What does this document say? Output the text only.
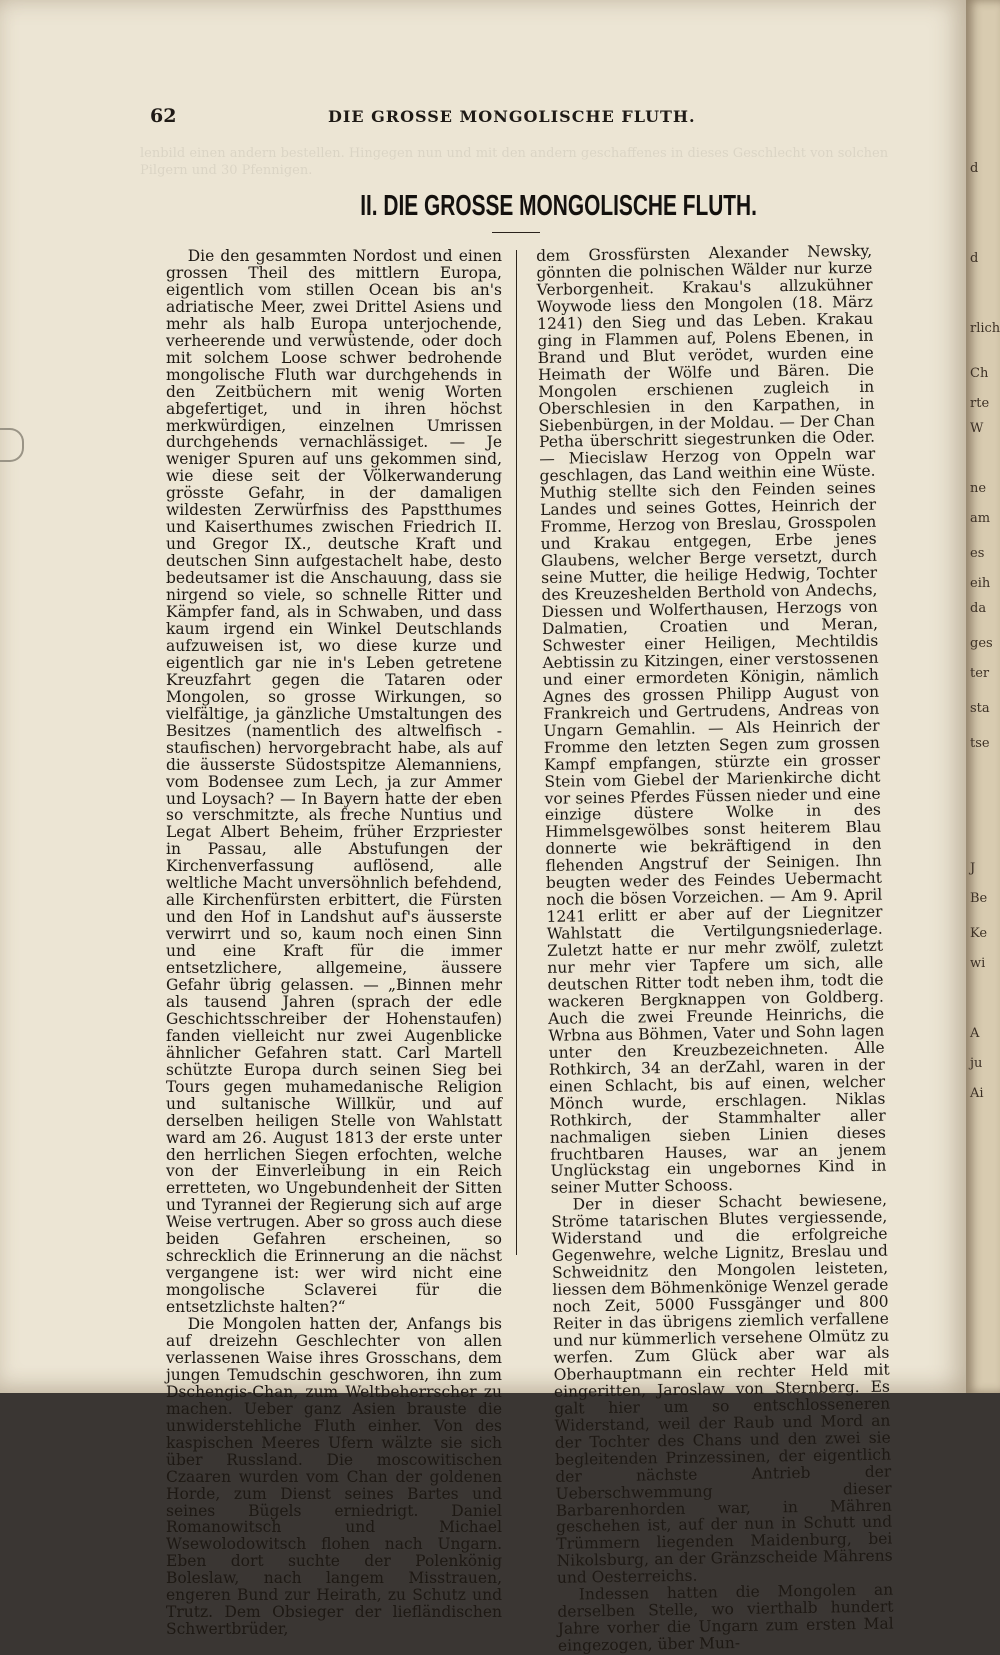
lenbild einen andern bestellen. Hingegen nun und mit den andern geschaffenes in dieses Geschlecht von solchen Pilgern und 30 Pfennigen.
62	DIE GROSSE MONGOLISCHE FLUTH.
II. DIE GROSSE MONGOLISCHE FLUTH.

Die den gesammten Nordost und einen grossen Theil des mittlern Europa, eigentlich vom stillen Ocean bis an's adriatische Meer, zwei Drittel Asiens und mehr als halb Europa unterjochende, verheerende und verwüstende, oder doch mit solchem Loose schwer bedrohende mongolische Fluth war durchgehends in den Zeitbüchern mit wenig Worten abgefertiget, und in ihren höchst merkwürdigen, einzelnen Umrissen durchgehends vernachlässiget. — Je weniger Spuren auf uns gekommen sind, wie diese seit der Völkerwanderung grösste Gefahr, in der damaligen wildesten Zerwürfniss des Papstthumes und Kaiserthumes zwischen Friedrich II. und Gregor IX., deutsche Kraft und deutschen Sinn aufgestachelt habe, desto bedeutsamer ist die Anschauung, dass sie nirgend so viele, so schnelle Ritter und Kämpfer fand, als in Schwaben, und dass kaum irgend ein Winkel Deutschlands aufzuweisen ist, wo diese kurze und eigentlich gar nie in's Leben getretene Kreuzfahrt gegen die Tataren oder Mongolen, so grosse Wirkungen, so vielfältige, ja gänzliche Umstaltungen des Besitzes (namentlich des altwelfisch - staufischen) hervorgebracht habe, als auf die äusserste Südostspitze Alemanniens, vom Bodensee zum Lech, ja zur Ammer und Loysach? — In Bayern hatte der eben so verschmitzte, als freche Nuntius und Legat Albert Beheim, früher Erzpriester in Passau, alle Abstufungen der Kirchenverfassung auflösend, alle weltliche Macht unversöhnlich befehdend, alle Kirchenfürsten erbittert, die Fürsten und den Hof in Landshut auf's äusserste verwirrt und so, kaum noch einen Sinn und eine Kraft für die immer entsetzlichere, allgemeine, äussere Gefahr übrig gelassen. — „Binnen mehr als tausend Jahren (sprach der edle Geschichtsschreiber der Hohenstaufen) fanden vielleicht nur zwei Augenblicke ähnlicher Gefahren statt. Carl Martell schützte Europa durch seinen Sieg bei Tours gegen muhamedanische Religion und sultanische Willkür, und auf derselben heiligen Stelle von Wahlstatt ward am 26. August 1813 der erste unter den herrlichen Siegen erfochten, welche von der Einverleibung in ein Reich erretteten, wo Ungebundenheit der Sitten und Tyrannei der Regierung sich auf arge Weise vertrugen. Aber so gross auch diese beiden Gefahren erscheinen, so schrecklich die Erinnerung an die nächst vergangene ist: wer wird nicht eine mongolische Sclaverei für die entsetzlichste halten?“

Die Mongolen hatten der, Anfangs bis auf dreizehn Geschlechter von allen verlassenen Waise ihres Grosschans, dem jungen Temudschin geschworen, ihn zum Dschengis-Chan, zum Weltbeherrscher zu machen. Ueber ganz Asien brauste die unwiderstehliche Fluth einher. Von des kaspischen Meeres Ufern wälzte sie sich über Russland. Die moscowitischen Czaaren wurden vom Chan der goldenen Horde, zum Dienst seines Bartes und seines Bügels erniedrigt. Daniel Romanowitsch und Michael Wsewolodowitsch flohen nach Ungarn. Eben dort suchte der Polenkönig Boleslaw, nach langem Misstrauen, engeren Bund zur Heirath, zu Schutz und Trutz. Dem Obsieger der liefländischen Schwertbrüder,

dem Grossfürsten Alexander Newsky, gönnten die polnischen Wälder nur kurze Verborgenheit. Krakau's allzukühner Woywode liess den Mongolen (18. März 1241) den Sieg und das Leben. Krakau ging in Flammen auf, Polens Ebenen, in Brand und Blut verödet, wurden eine Heimath der Wölfe und Bären. Die Mongolen erschienen zugleich in Oberschlesien in den Karpathen, in Siebenbürgen, in der Moldau. — Der Chan Petha überschritt siegestrunken die Oder. — Miecislaw Herzog von Oppeln war geschlagen, das Land weithin eine Wüste. Muthig stellte sich den Feinden seines Landes und seines Gottes, Heinrich der Fromme, Herzog von Breslau, Grosspolen und Krakau entgegen, Erbe jenes Glaubens, welcher Berge versetzt, durch seine Mutter, die heilige Hedwig, Tochter des Kreuzeshelden Berthold von Andechs, Diessen und Wolferthausen, Herzogs von Dalmatien, Croatien und Meran, Schwester einer Heiligen, Mechtildis Aebtissin zu Kitzingen, einer verstossenen und einer ermordeten Königin, nämlich Agnes des grossen Philipp August von Frankreich und Gertrudens, Andreas von Ungarn Gemahlin. — Als Heinrich der Fromme den letzten Segen zum grossen Kampf empfangen, stürzte ein grosser Stein vom Giebel der Marienkirche dicht vor seines Pferdes Füssen nieder und eine einzige düstere Wolke in des Himmelsgewölbes sonst heiterem Blau donnerte wie bekräftigend in den flehenden Angstruf der Seinigen. Ihn beugten weder des Feindes Uebermacht noch die bösen Vorzeichen. — Am 9. April 1241 erlitt er aber auf der Liegnitzer Wahlstatt die Vertilgungsniederlage. Zuletzt hatte er nur mehr zwölf, zuletzt nur mehr vier Tapfere um sich, alle deutschen Ritter todt neben ihm, todt die wackeren Bergknappen von Goldberg. Auch die zwei Freunde Heinrichs, die Wrbna aus Böhmen, Vater und Sohn lagen unter den Kreuzbezeichneten. Alle Rothkirch, 34 an derZahl, waren in der einen Schlacht, bis auf einen, welcher Mönch wurde, erschlagen. Niklas Rothkirch, der Stammhalter aller nachmaligen sieben Linien dieses fruchtbaren Hauses, war an jenem Unglückstag ein ungebornes Kind in seiner Mutter Schooss.

Der in dieser Schacht bewiesene, Ströme tatarischen Blutes vergiessende, Widerstand und die erfolgreiche Gegenwehre, welche Lignitz, Breslau und Schweidnitz den Mongolen leisteten, liessen dem Böhmenkönige Wenzel gerade noch Zeit, 5000 Fussgänger und 800 Reiter in das übrigens ziemlich verfallene und nur kümmerlich versehene Olmütz zu werfen. Zum Glück aber war als Oberhauptmann ein rechter Held mit eingeritten, Jaroslaw von Sternberg. Es galt hier um so entschlosseneren Widerstand, weil der Raub und Mord an der Tochter des Chans und den zwei sie begleitenden Prinzessinen, der eigentlich der nächste Antrieb der Ueberschwemmung dieser Barbarenhorden war, in Mähren geschehen ist, auf der nun in Schutt und Trümmern liegenden Maidenburg, bei Nikolsburg, an der Gränzscheide Mährens und Oesterreichs.

Indessen hatten die Mongolen an derselben Stelle, wo vierthalb hundert Jahre vorher die Ungarn zum ersten Mal eingezogen, über Mun-

d
d
rlich
Ch
rte
W
ne
am
es
eih
da
ges
ter
sta
tse
J
Be
Ke
wi
A
ju
Ai
